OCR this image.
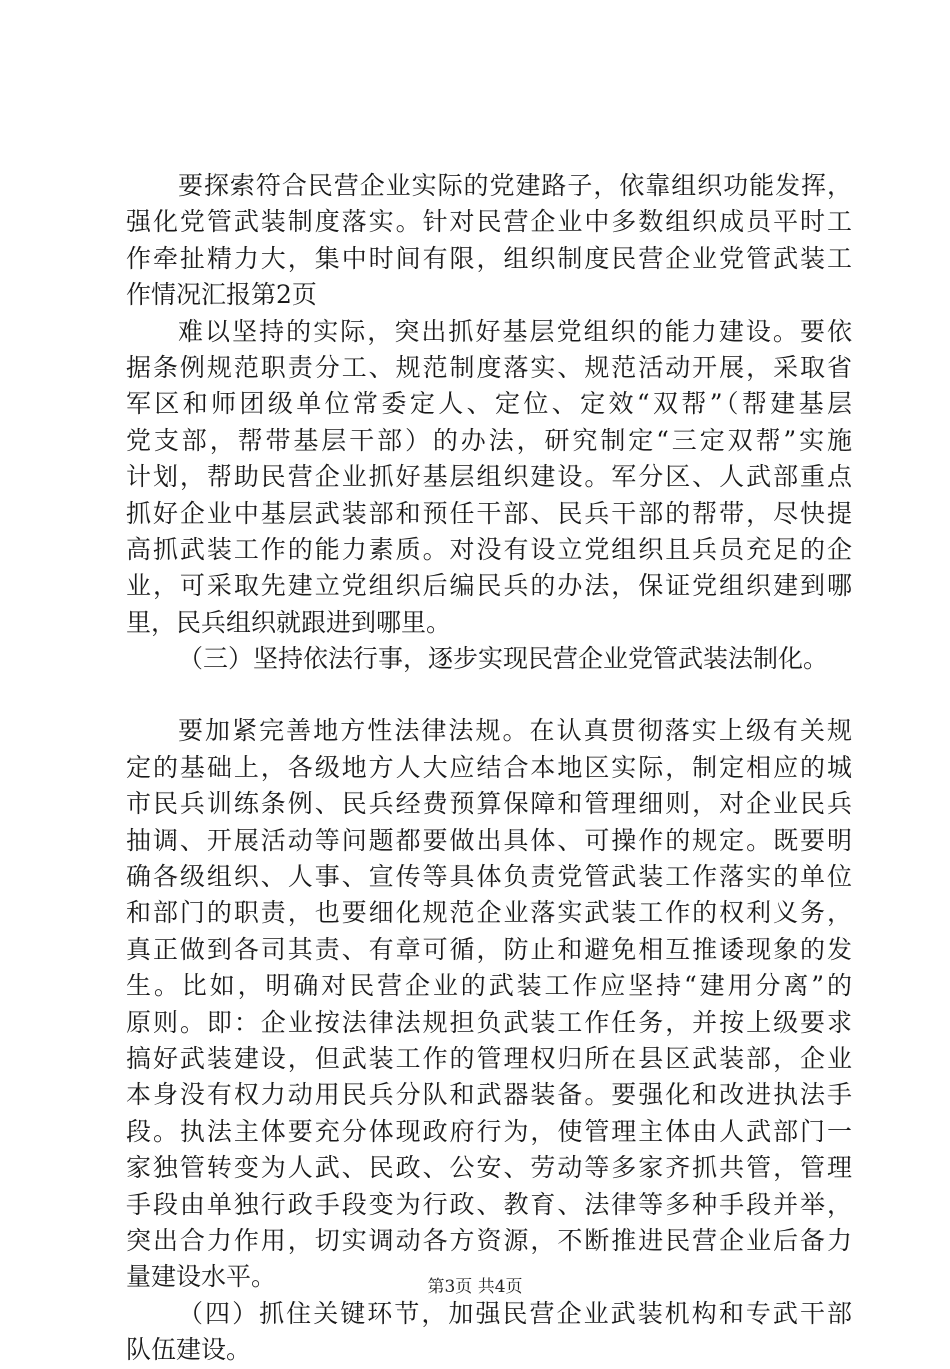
要探索符合民营企业实际的党建路子，依靠组织功能发挥，
强化党管武装制度落实。针对民营企业中多数组织成员平时工
作牵扯精力大，集中时间有限，组织制度民营企业党管武装工
作情况汇报第2页
难以坚持的实际，突出抓好基层党组织的能力建设。要依
据条例规范职责分工、规范制度落实、规范活动开展，采取省
军区和师团级单位常委定人、定位、定效“双帮”（帮建基层
党支部，帮带基层干部）的办法，研究制定“三定双帮”实施
计划，帮助民营企业抓好基层组织建设。军分区、人武部重点
抓好企业中基层武装部和预任干部、民兵干部的帮带，尽快提
高抓武装工作的能力素质。对没有设立党组织且兵员充足的企
业，可采取先建立党组织后编民兵的办法，保证党组织建到哪
里，民兵组织就跟进到哪里。
（三）坚持依法行事，逐步实现民营企业党管武装法制化。
要加紧完善地方性法律法规。在认真贯彻落实上级有关规
定的基础上，各级地方人大应结合本地区实际，制定相应的城
市民兵训练条例、民兵经费预算保障和管理细则，对企业民兵
抽调、开展活动等问题都要做出具体、可操作的规定。既要明
确各级组织、人事、宣传等具体负责党管武装工作落实的单位
和部门的职责，也要细化规范企业落实武装工作的权利义务，
真正做到各司其责、有章可循，防止和避免相互推诿现象的发
生。比如，明确对民营企业的武装工作应坚持“建用分离”的
原则。即：企业按法律法规担负武装工作任务，并按上级要求
搞好武装建设，但武装工作的管理权归所在县区武装部，企业
本身没有权力动用民兵分队和武器装备。要强化和改进执法手
段。执法主体要充分体现政府行为，使管理主体由人武部门一
家独管转变为人武、民政、公安、劳动等多家齐抓共管，管理
手段由单独行政手段变为行政、教育、法律等多种手段并举，
突出合力作用，切实调动各方资源，不断推进民营企业后备力
量建设水平。
（四）抓住关键环节，加强民营企业武装机构和专武干部
队伍建设。
第3页 共4页
